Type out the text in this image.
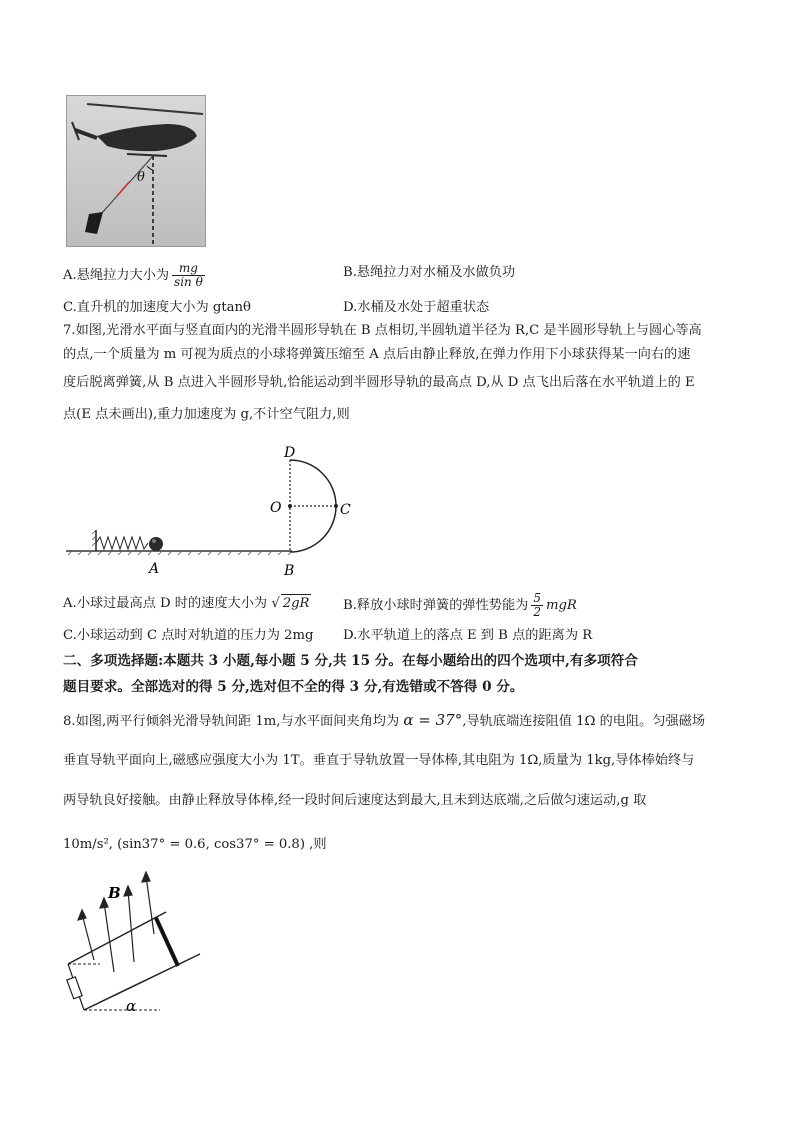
θ
A.悬绳拉力大小为 $\frac{mg}{\text{sin θ}}$	B.悬绳拉力对水桶及水做负功
C.直升机的加速度大小为 gtanθ	D.水桶及水处于超重状态
7.如图,光滑水平面与竖直面内的光滑半圆形导轨在 B 点相切,半圆轨道半径为 R,C 是半圆形导轨上与圆心等高
的点,一个质量为 m 可视为质点的小球将弹簧压缩至 A 点后由静止释放,在弹力作用下小球获得某一向右的速
度后脱离弹簧,从 B 点进入半圆形导轨,恰能运动到半圆形导轨的最高点 D,从 D 点飞出后落在水平轨道上的 E
点(E 点未画出),重力加速度为 g,不计空气阻力,则
D
O	C
A	B
A.小球过最高点 D 时的速度大小为 √ 2gR	B.释放小球时弹簧的弹性势能为 $\frac{5}{2}$ mgR
C.小球运动到 C 点时对轨道的压力为 2mg D.水平轨道上的落点 E 到 B 点的距离为 R
二、多项选择题:本题共 3 小题,每小题 5 分,共 15 分。在每小题给出的四个选项中,有多项符合
题目要求。全部选对的得 5 分,选对但不全的得 3 分,有选错或不答得 0 分。
8.如图,两平行倾斜光滑导轨间距 1m,与水平面间夹角均为 α = 37°,导轨底端连接阻值 1Ω 的电阻。匀强磁场
垂直导轨平面向上,磁感应强度大小为 1T。垂直于导轨放置一导体棒,其电阻为 1Ω,质量为 1kg,导体棒始终与
两导轨良好接触。由静止释放导体棒,经一段时间后速度达到最大,且未到达底端,之后做匀速运动,g 取
10m/s², (sin37° = 0.6, cos37° = 0.8) ,则
B
α
